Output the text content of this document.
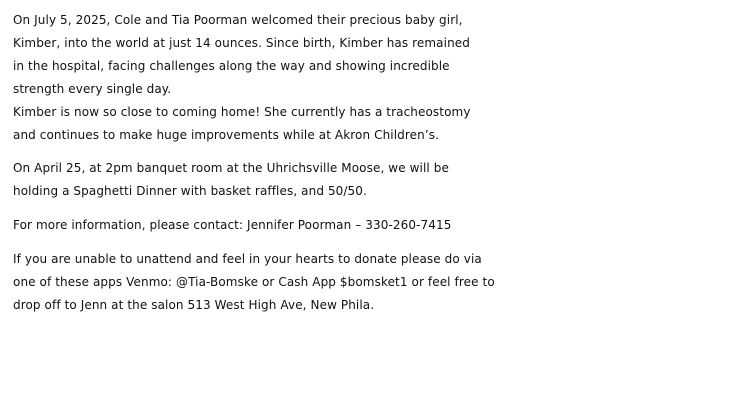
On July 5, 2025, Cole and Tia Poorman welcomed their precious baby girl,
Kimber, into the world at just 14 ounces. Since birth, Kimber has remained
in the hospital, facing challenges along the way and showing incredible
strength every single day.
Kimber is now so close to coming home! She currently has a tracheostomy
and continues to make huge improvements while at Akron Children’s.
On April 25, at 2pm banquet room at the Uhrichsville Moose, we will be
holding a Spaghetti Dinner with basket raffles, and 50/50.
For more information, please contact: Jennifer Poorman – 330-260-7415
If you are unable to unattend and feel in your hearts to donate please do via
one of these apps Venmo: @Tia-Bomske or Cash App $bomsket1 or feel free to
drop off to Jenn at the salon 513 West High Ave, New Phila.
